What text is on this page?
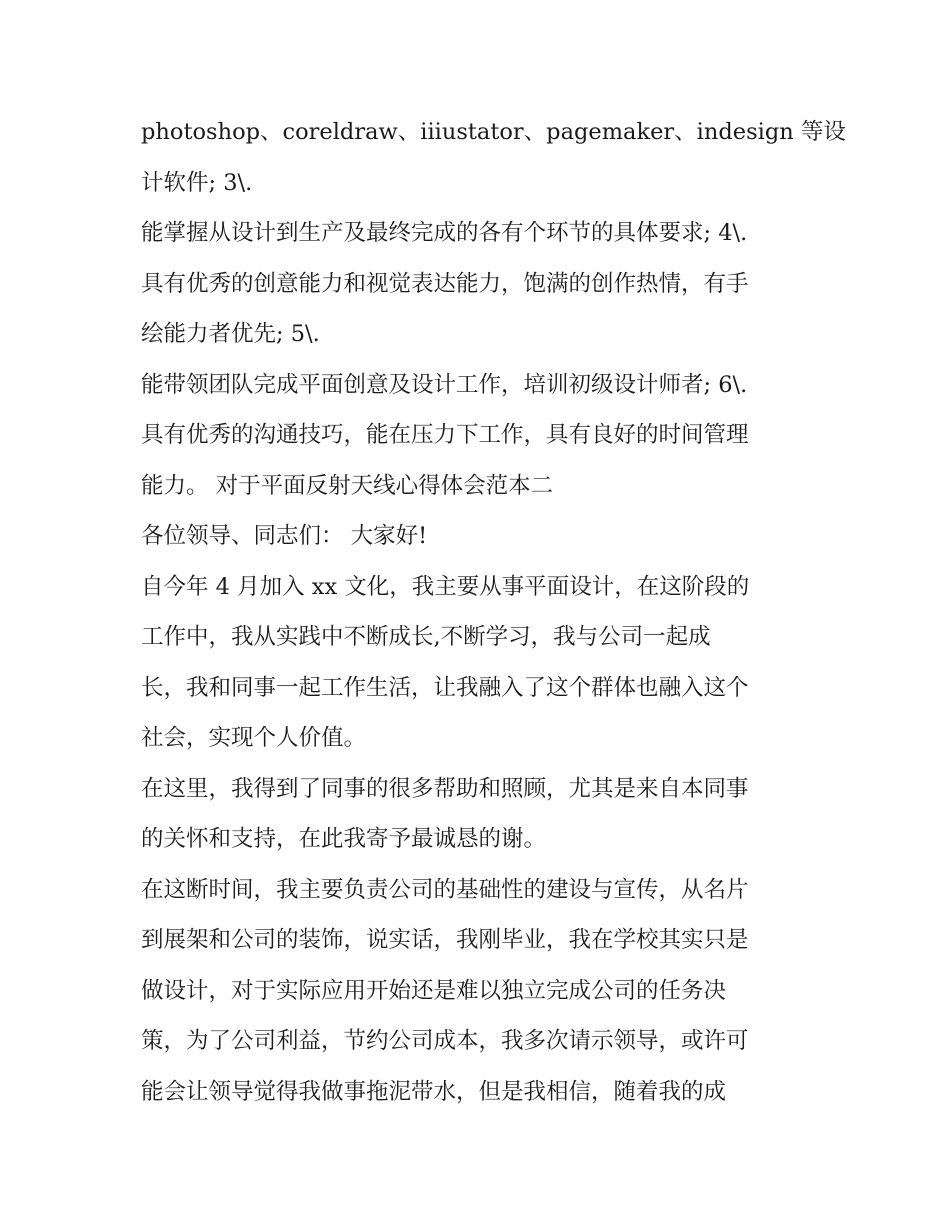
photoshop、coreldraw、iiiustator、pagemaker、indesign 等设
计软件; 3\.
能掌握从设计到生产及最终完成的各有个环节的具体要求; 4\.
具有优秀的创意能力和视觉表达能力，饱满的创作热情，有手
绘能力者优先; 5\.
能带领团队完成平面创意及设计工作，培训初级设计师者; 6\.
具有优秀的沟通技巧，能在压力下工作，具有良好的时间管理
能力。 对于平面反射天线心得体会范本二
各位领导、同志们： 大家好!
自今年 4 月加入 xx 文化，我主要从事平面设计，在这阶段的
工作中，我从实践中不断成长,不断学习，我与公司一起成
长，我和同事一起工作生活，让我融入了这个群体也融入这个
社会，实现个人价值。
在这里，我得到了同事的很多帮助和照顾，尤其是来自本同事
的关怀和支持，在此我寄予最诚恳的谢。
在这断时间，我主要负责公司的基础性的建设与宣传，从名片
到展架和公司的装饰，说实话，我刚毕业，我在学校其实只是
做设计，对于实际应用开始还是难以独立完成公司的任务决
策，为了公司利益，节约公司成本，我多次请示领导，或许可
能会让领导觉得我做事拖泥带水，但是我相信，随着我的成
